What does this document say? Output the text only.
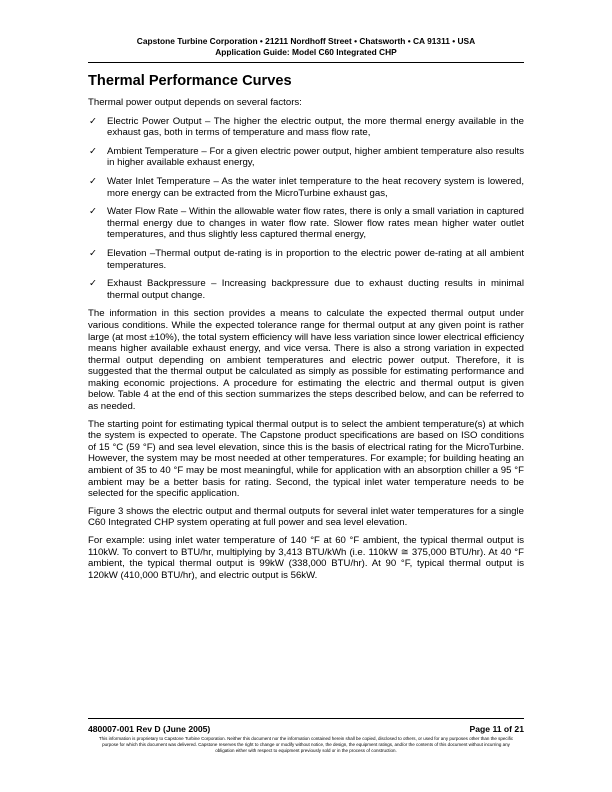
Capstone Turbine Corporation • 21211 Nordhoff Street • Chatsworth • CA 91311 • USA
Application Guide: Model C60 Integrated CHP
Thermal Performance Curves

Thermal power output depends on several factors:

✓ Electric Power Output – The higher the electric output, the more thermal energy available in the exhaust gas, both in terms of temperature and mass flow rate,
✓ Ambient Temperature – For a given electric power output, higher ambient temperature also results in higher available exhaust energy,
✓ Water Inlet Temperature – As the water inlet temperature to the heat recovery system is lowered, more energy can be extracted from the MicroTurbine exhaust gas,
✓ Water Flow Rate – Within the allowable water flow rates, there is only a small variation in captured thermal energy due to changes in water flow rate. Slower flow rates mean higher water outlet temperatures, and thus slightly less captured thermal energy,
✓ Elevation –Thermal output de-rating is in proportion to the electric power de-rating at all ambient temperatures.
✓ Exhaust Backpressure – Increasing backpressure due to exhaust ducting results in minimal thermal output change.

The information in this section provides a means to calculate the expected thermal output under various conditions. While the expected tolerance range for thermal output at any given point is rather large (at most ±10%), the total system efficiency will have less variation since lower electrical efficiency means higher available exhaust energy, and vice versa. There is also a strong variation in expected thermal output depending on ambient temperatures and electric power output. Therefore, it is suggested that the thermal output be calculated as simply as possible for estimating performance and making economic projections. A procedure for estimating the electric and thermal output is given below. Table 4 at the end of this section summarizes the steps described below, and can be referred to as needed.

The starting point for estimating typical thermal output is to select the ambient temperature(s) at which the system is expected to operate. The Capstone product specifications are based on ISO conditions of 15 °C (59 °F) and sea level elevation, since this is the basis of electrical rating for the MicroTurbine. However, the system may be most needed at other temperatures. For example; for building heating an ambient of 35 to 40 °F may be most meaningful, while for application with an absorption chiller a 95 °F ambient may be a better basis for rating. Second, the typical inlet water temperature needs to be selected for the specific application.

Figure 3 shows the electric output and thermal outputs for several inlet water temperatures for a single C60 Integrated CHP system operating at full power and sea level elevation.

For example: using inlet water temperature of 140 °F at 60 °F ambient, the typical thermal output is 110kW. To convert to BTU/hr, multiplying by 3,413 BTU/kWh (i.e. 110kW ≅ 375,000 BTU/hr). At 40 °F ambient, the typical thermal output is 99kW (338,000 BTU/hr). At 90 °F, typical thermal output is 120kW (410,000 BTU/hr), and electric output is 56kW.

480007-001 Rev D (June 2005)	Page 11 of 21
This information is proprietary to Capstone Turbine Corporation. Neither this document nor the information contained herein shall be copied, disclosed to others, or used for any purposes other than the specific purpose for which this document was delivered. Capstone reserves the right to change or modify without notice, the design, the equipment ratings, and/or the contents of this document without incurring any obligation either with respect to equipment previously sold or in the process of construction.
